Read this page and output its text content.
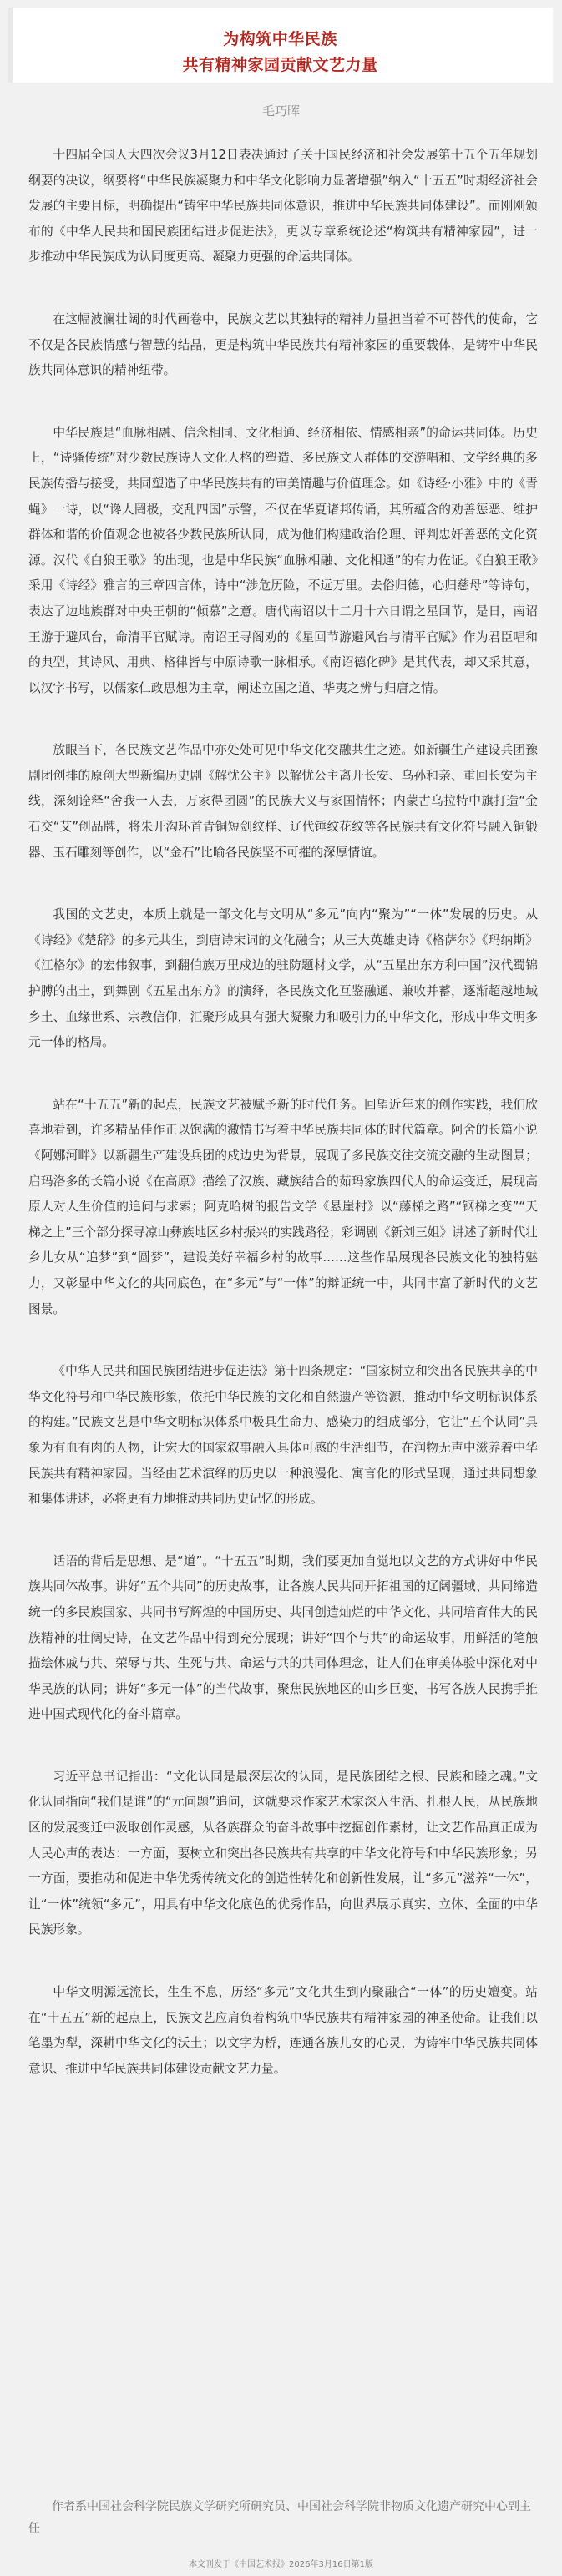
为构筑中华民族
共有精神家园贡献文艺力量
毛巧晖

十四届全国人大四次会议3月12日表决通过了关于国民经济和社会发展第十五个五年规划纲要的决议，纲要将“中华民族凝聚力和中华文化影响力显著增强”纳入“十五五”时期经济社会发展的主要目标，明确提出“铸牢中华民族共同体意识，推进中华民族共同体建设”。而刚刚颁布的《中华人民共和国民族团结进步促进法》，更以专章系统论述“构筑共有精神家园”，进一步推动中华民族成为认同度更高、凝聚力更强的命运共同体。

在这幅波澜壮阔的时代画卷中，民族文艺以其独特的精神力量担当着不可替代的使命，它不仅是各民族情感与智慧的结晶，更是构筑中华民族共有精神家园的重要载体，是铸牢中华民族共同体意识的精神纽带。

中华民族是“血脉相融、信念相同、文化相通、经济相依、情感相亲”的命运共同体。历史上，“诗骚传统”对少数民族诗人文化人格的塑造、多民族文人群体的交游唱和、文学经典的多民族传播与接受，共同塑造了中华民族共有的审美情趣与价值理念。如《诗经·小雅》中的《青蝇》一诗，以“谗人罔极，交乱四国”示警，不仅在华夏诸邦传诵，其所蕴含的劝善惩恶、维护群体和谐的价值观念也被各少数民族所认同，成为他们构建政治伦理、评判忠奸善恶的文化资源。汉代《白狼王歌》的出现，也是中华民族“血脉相融、文化相通”的有力佐证。《白狼王歌》采用《诗经》雅言的三章四言体，诗中“涉危历险，不远万里。去俗归德，心归慈母”等诗句，表达了边地族群对中央王朝的“倾慕”之意。唐代南诏以十二月十六日谓之星回节，是日，南诏王游于避风台，命清平官赋诗。南诏王寻阁劝的《星回节游避风台与清平官赋》作为君臣唱和的典型，其诗风、用典、格律皆与中原诗歌一脉相承。《南诏德化碑》是其代表，却又采其意，以汉字书写，以儒家仁政思想为主章，阐述立国之道、华夷之辨与归唐之情。

放眼当下，各民族文艺作品中亦处处可见中华文化交融共生之迹。如新疆生产建设兵团豫剧团创排的原创大型新编历史剧《解忧公主》以解忧公主离开长安、乌孙和亲、重回长安为主线，深刻诠释“舍我一人去，万家得团圆”的民族大义与家国情怀；内蒙古乌拉特中旗打造“金石交“艾”创品牌，将朱开沟环首青铜短剑纹样、辽代锤纹花纹等各民族共有文化符号融入铜锻器、玉石雕刻等创作，以“金石”比喻各民族坚不可摧的深厚情谊。

我国的文艺史，本质上就是一部文化与文明从“多元”向内“聚为”“一体”发展的历史。从《诗经》《楚辞》的多元共生，到唐诗宋词的文化融合；从三大英雄史诗《格萨尔》《玛纳斯》《江格尔》的宏伟叙事，到翻伯族万里戍边的驻防题材文学，从“五星出东方利中国”汉代蜀锦护膊的出土，到舞剧《五星出东方》的演绎，各民族文化互鉴融通、兼收并蓄，逐渐超越地域乡土、血缘世系、宗教信仰，汇聚形成具有强大凝聚力和吸引力的中华文化，形成中华文明多元一体的格局。

站在“十五五”新的起点，民族文艺被赋予新的时代任务。回望近年来的创作实践，我们欣喜地看到，许多精品佳作正以饱满的激情书写着中华民族共同体的时代篇章。阿舍的长篇小说《阿娜河畔》以新疆生产建设兵团的戍边史为背景，展现了多民族交往交流交融的生动图景；启玛洛多的长篇小说《在高原》描绘了汉族、藏族结合的茹玛家族四代人的命运变迁，展现高原人对人生价值的追问与求索；阿克哈树的报告文学《悬崖村》以“藤梯之路”“钢梯之变”“天梯之上”三个部分探寻凉山彝族地区乡村振兴的实践路径；彩调剧《新刘三姐》讲述了新时代壮乡儿女从“追梦”到“圆梦”，建设美好幸福乡村的故事……这些作品展现各民族文化的独特魅力，又彰显中华文化的共同底色，在“多元”与“一体”的辩证统一中，共同丰富了新时代的文艺图景。

《中华人民共和国民族团结进步促进法》第十四条规定：“国家树立和突出各民族共享的中华文化符号和中华民族形象，依托中华民族的文化和自然遗产等资源，推动中华文明标识体系的构建。”民族文艺是中华文明标识体系中极具生命力、感染力的组成部分，它让“五个认同”具象为有血有肉的人物，让宏大的国家叙事融入具体可感的生活细节，在润物无声中滋养着中华民族共有精神家园。当经由艺术演绎的历史以一种浪漫化、寓言化的形式呈现，通过共同想象和集体讲述，必将更有力地推动共同历史记忆的形成。

话语的背后是思想、是“道”。“十五五”时期，我们要更加自觉地以文艺的方式讲好中华民族共同体故事。讲好“五个共同”的历史故事，让各族人民共同开拓祖国的辽阔疆域、共同缔造统一的多民族国家、共同书写辉煌的中国历史、共同创造灿烂的中华文化、共同培育伟大的民族精神的壮阔史诗，在文艺作品中得到充分展现；讲好“四个与共”的命运故事，用鲜活的笔触描绘休戚与共、荣辱与共、生死与共、命运与共的共同体理念，让人们在审美体验中深化对中华民族的认同；讲好“多元一体”的当代故事，聚焦民族地区的山乡巨变，书写各族人民携手推进中国式现代化的奋斗篇章。

习近平总书记指出：“文化认同是最深层次的认同，是民族团结之根、民族和睦之魂。”文化认同指向“我们是谁”的“元问题”追问，这就要求作家艺术家深入生活、扎根人民，从民族地区的发展变迁中汲取创作灵感，从各族群众的奋斗故事中挖掘创作素材，让文艺作品真正成为人民心声的表达：一方面，要树立和突出各民族共有共享的中华文化符号和中华民族形象；另一方面，要推动和促进中华优秀传统文化的创造性转化和创新性发展，让“多元”滋养“一体”，让“一体”统领“多元”，用具有中华文化底色的优秀作品，向世界展示真实、立体、全面的中华民族形象。

中华文明源远流长，生生不息，历经“多元”文化共生到内聚融合“一体”的历史嬗变。站在“十五五”新的起点上，民族文艺应肩负着构筑中华民族共有精神家园的神圣使命。让我们以笔墨为犁，深耕中华文化的沃土；以文字为桥，连通各族儿女的心灵，为铸牢中华民族共同体意识、推进中华民族共同体建设贡献文艺力量。

作者系中国社会科学院民族文学研究所研究员、中国社会科学院非物质文化遗产研究中心副主任
本文刊发于《中国艺术报》2026年3月16日第1版
